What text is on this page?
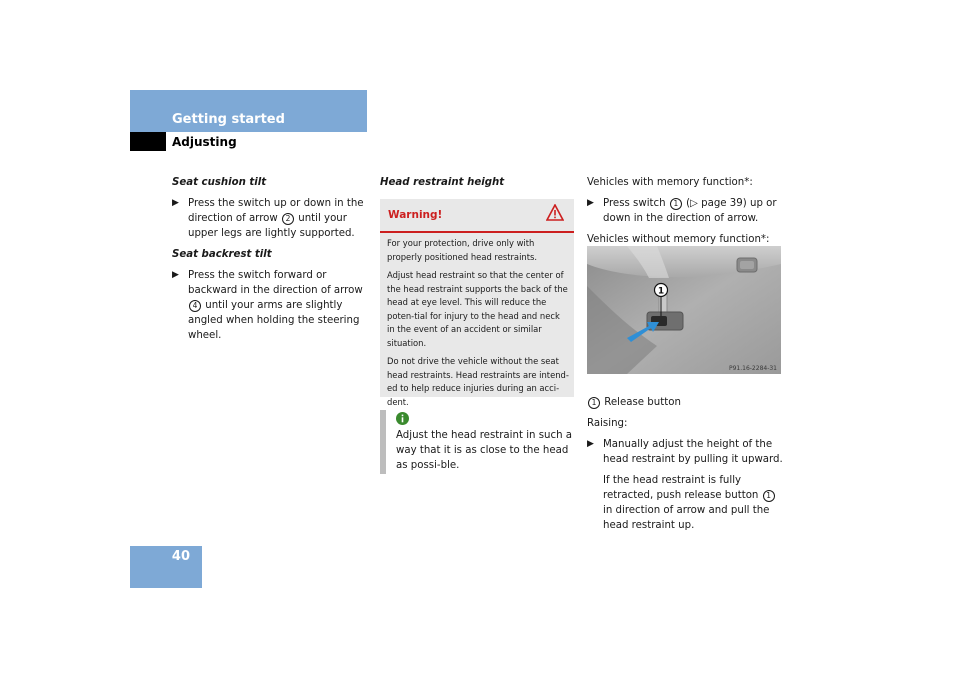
Getting started
Adjusting

Seat cushion tilt

▶ Press the switch up or down in the direction of arrow 2 until your upper legs are lightly supported.

Seat backrest tilt

▶ Press the switch forward or backward in the direction of arrow 4 until your arms are slightly angled when holding the steering wheel.

Head restraint height

Warning!

For your protection, drive only with properly positioned head restraints.

Adjust head restraint so that the center of the head restraint supports the back of the head at eye level. This will reduce the poten-tial for injury to the head and neck in the event of an accident or similar situation.

Do not drive the vehicle without the seat head restraints. Head restraints are intend-ed to help reduce injuries during an acci-dent.

Adjust the head restraint in such a way that it is as close to the head as possi-ble.

Vehicles with memory function*:

▶ Press switch 1 (▷ page 39) up or down in the direction of arrow.

Vehicles without memory function*:

1 Release button

Raising:

▶ Manually adjust the height of the head restraint by pulling it upward.
If the head restraint is fully retracted, push release button 1 in direction of arrow and pull the head restraint up.
1
P91.16-2284-31
40
